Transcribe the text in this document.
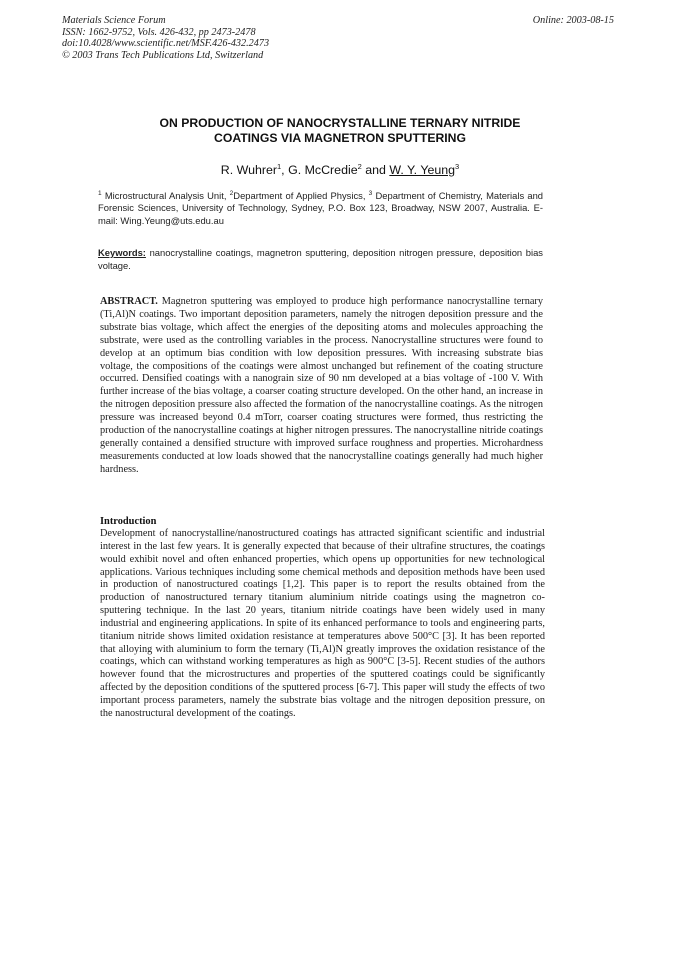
Materials Science Forum
ISSN: 1662-9752, Vols. 426-432, pp 2473-2478
doi:10.4028/www.scientific.net/MSF.426-432.2473
© 2003 Trans Tech Publications Ltd, Switzerland
Online: 2003-08-15
ON PRODUCTION OF NANOCRYSTALLINE TERNARY NITRIDE
COATINGS VIA MAGNETRON SPUTTERING
R. Wuhrer$^1$, G. McCredie$^2$ and W. Y. Yeung$^3$
$^1$ Microstructural Analysis Unit, $^2$Department of Applied Physics, $^3$ Department of Chemistry, Materials and Forensic Sciences, University of Technology, Sydney, P.O. Box 123, Broadway, NSW 2007, Australia. E-mail: Wing.Yeung@uts.edu.au
Keywords: nanocrystalline coatings, magnetron sputtering, deposition nitrogen pressure, deposition bias voltage.
ABSTRACT. Magnetron sputtering was employed to produce high performance nanocrystalline ternary (Ti,Al)N coatings. Two important deposition parameters, namely the nitrogen deposition pressure and the substrate bias voltage, which affect the energies of the depositing atoms and molecules approaching the substrate, were used as the controlling variables in the process. Nanocrystalline structures were found to develop at an optimum bias condition with low deposition pressures. With increasing substrate bias voltage, the compositions of the coatings were almost unchanged but refinement of the coating structure occurred. Densified coatings with a nanograin size of 90 nm developed at a bias voltage of -100 V. With further increase of the bias voltage, a coarser coating structure developed. On the other hand, an increase in the nitrogen deposition pressure also affected the formation of the nanocrystalline coatings. As the nitrogen pressure was increased beyond 0.4 mTorr, coarser coating structures were formed, thus restricting the production of the nanocrystalline coatings at higher nitrogen pressures. The nanocrystalline nitride coatings generally contained a densified structure with improved surface roughness and properties. Microhardness measurements conducted at low loads showed that the nanocrystalline coatings generally had much higher hardness.
Introduction
Development of nanocrystalline/nanostructured coatings has attracted significant scientific and industrial interest in the last few years. It is generally expected that because of their ultrafine structures, the coatings would exhibit novel and often enhanced properties, which opens up opportunities for new technological applications. Various techniques including some chemical methods and deposition methods have been used in production of nanostructured coatings [1,2]. This paper is to report the results obtained from the production of nanostructured ternary titanium aluminium nitride coatings using the magnetron co-sputtering technique. In the last 20 years, titanium nitride coatings have been widely used in many industrial and engineering applications. In spite of its enhanced performance to tools and engineering parts, titanium nitride shows limited oxidation resistance at temperatures above 500°C [3]. It has been reported that alloying with aluminium to form the ternary (Ti,Al)N greatly improves the oxidation resistance of the coatings, which can withstand working temperatures as high as 900°C [3-5]. Recent studies of the authors however found that the microstructures and properties of the sputtered coatings could be significantly affected by the deposition conditions of the sputtered process [6-7]. This paper will study the effects of two important process parameters, namely the substrate bias voltage and the nitrogen deposition pressure, on the nanostructural development of the coatings.
